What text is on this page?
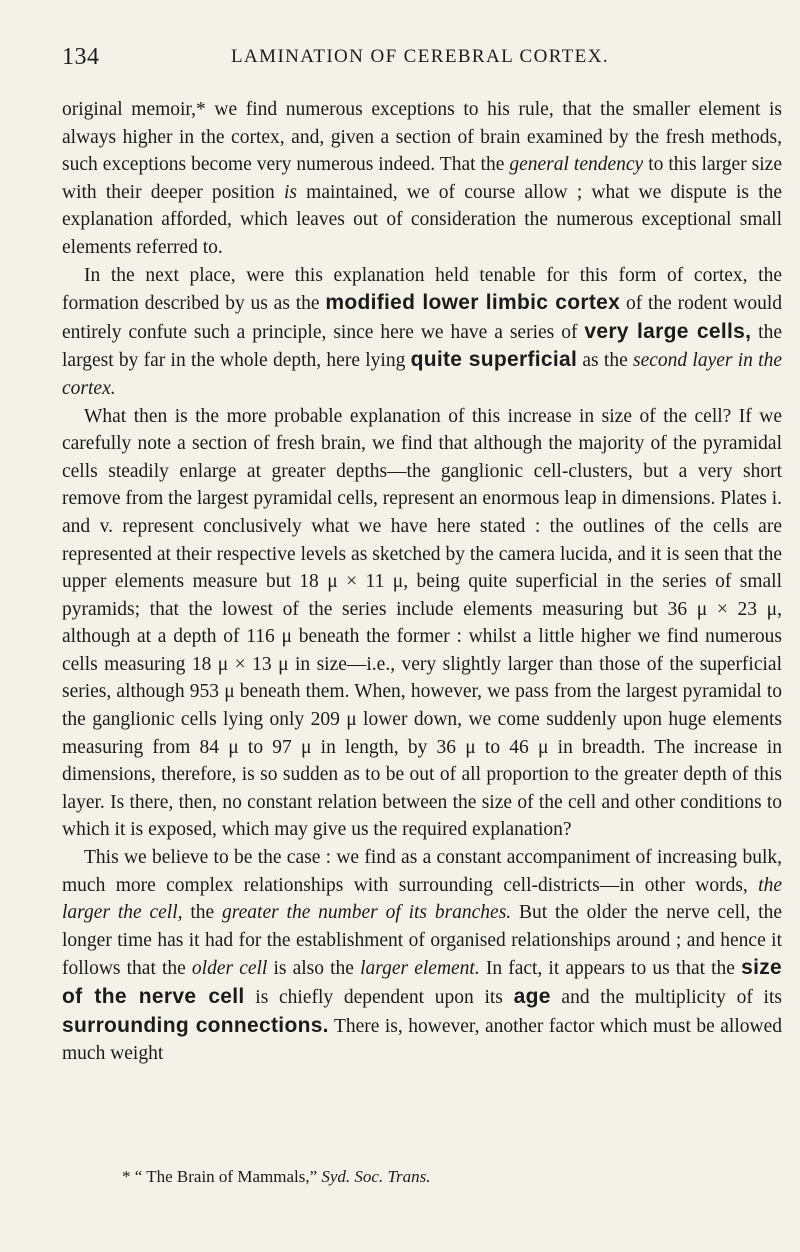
134	LAMINATION OF CEREBRAL CORTEX.

original memoir,* we find numerous exceptions to his rule, that the smaller element is always higher in the cortex, and, given a section of brain examined by the fresh methods, such exceptions become very numerous indeed. That the general tendency to this larger size with their deeper position is maintained, we of course allow ; what we dispute is the explanation afforded, which leaves out of consideration the numerous exceptional small elements referred to.

In the next place, were this explanation held tenable for this form of cortex, the formation described by us as the modified lower limbic cortex of the rodent would entirely confute such a principle, since here we have a series of very large cells, the largest by far in the whole depth, here lying quite superficial as the second layer in the cortex.

What then is the more probable explanation of this increase in size of the cell? If we carefully note a section of fresh brain, we find that although the majority of the pyramidal cells steadily enlarge at greater depths—the ganglionic cell-clusters, but a very short remove from the largest pyramidal cells, represent an enormous leap in dimensions. Plates i. and v. represent conclusively what we have here stated : the outlines of the cells are represented at their respective levels as sketched by the camera lucida, and it is seen that the upper elements measure but 18 μ × 11 μ, being quite superficial in the series of small pyramids; that the lowest of the series include elements measuring but 36 μ × 23 μ, although at a depth of 116 μ beneath the former : whilst a little higher we find numerous cells measuring 18 μ × 13 μ in size—i.e., very slightly larger than those of the superficial series, although 953 μ beneath them. When, however, we pass from the largest pyramidal to the ganglionic cells lying only 209 μ lower down, we come suddenly upon huge elements measuring from 84 μ to 97 μ in length, by 36 μ to 46 μ in breadth. The increase in dimensions, therefore, is so sudden as to be out of all proportion to the greater depth of this layer. Is there, then, no constant relation between the size of the cell and other conditions to which it is exposed, which may give us the required explanation?

This we believe to be the case : we find as a constant accompaniment of increasing bulk, much more complex relationships with surrounding cell-districts—in other words, the larger the cell, the greater the number of its branches. But the older the nerve cell, the longer time has it had for the establishment of organised relationships around ; and hence it follows that the older cell is also the larger element. In fact, it appears to us that the size of the nerve cell is chiefly dependent upon its age and the multiplicity of its surrounding connections. There is, however, another factor which must be allowed much weight

* “ The Brain of Mammals,” Syd. Soc. Trans.
